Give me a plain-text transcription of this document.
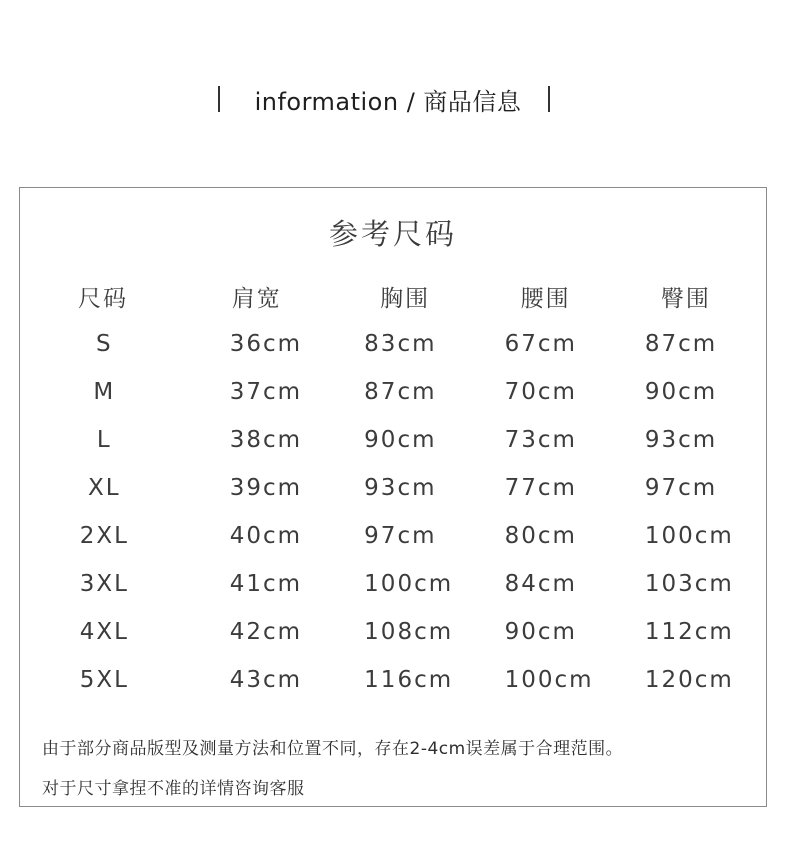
information / 商品信息
参考尺码
尺码	肩宽	胸围	腰围	臀围
S	36cm	83cm	67cm	87cm
M	37cm	87cm	70cm	90cm
L	38cm	90cm	73cm	93cm
XL	39cm	93cm	77cm	97cm
2XL	40cm	97cm	80cm	100cm
3XL	41cm	100cm	84cm	103cm
4XL	42cm	108cm	90cm	112cm
5XL	43cm	116cm	100cm	120cm
由于部分商品版型及测量方法和位置不同，存在2-4cm误差属于合理范围。
对于尺寸拿捏不准的详情咨询客服
